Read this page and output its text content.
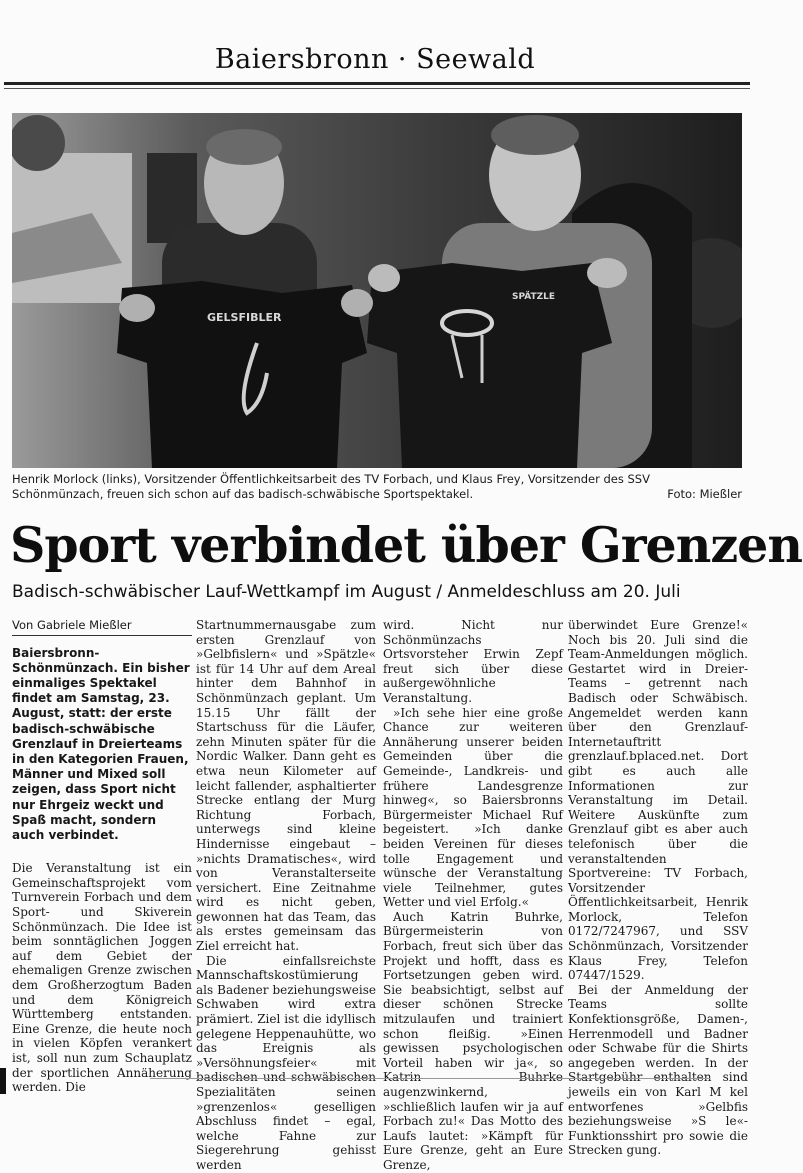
Baiersbronn · Seewald
GELSFIBLER
SPÄTZLE
Henrik Morlock (links), Vorsitzender Öffentlichkeitsarbeit des TV Forbach, und Klaus Frey, Vorsitzender des SSV Schönmünzach, freuen sich schon auf das badisch-schwäbische Sportspektakel.	Foto: Mießler
Sport verbindet über Grenzen
Badisch-schwäbischer Lauf-Wettkampf im August / Anmeldeschluss am 20. Juli

Von Gabriele Mießler

Baiersbronn-Schönmünzach. Ein bisher einmaliges Spektakel findet am Samstag, 23. August, statt: der erste badisch-schwäbische Grenzlauf in Dreierteams in den Kategorien Frauen, Männer und Mixed soll zeigen, dass Sport nicht nur Ehrgeiz weckt und Spaß macht, sondern auch verbindet.

Die Veranstaltung ist ein Gemeinschaftsprojekt vom Turnverein Forbach und dem Sport- und Skiverein Schönmünzach. Die Idee ist beim sonntäglichen Joggen auf dem Gebiet der ehemaligen Grenze zwischen dem Großherzogtum Baden und dem Königreich Württemberg entstanden. Eine Grenze, die heute noch in vielen Köpfen verankert ist, soll nun zum Schauplatz der sportlichen Annäherung werden. Die

Startnummernausgabe zum ersten Grenzlauf von »Gelbfislern« und »Spätzle« ist für 14 Uhr auf dem Areal hinter dem Bahnhof in Schönmünzach geplant. Um 15.15 Uhr fällt der Startschuss für die Läufer, zehn Minuten später für die Nordic Walker. Dann geht es etwa neun Kilometer auf leicht fallender, asphaltierter Strecke entlang der Murg Richtung Forbach, unterwegs sind kleine Hindernisse eingebaut – »nichts Dramatisches«, wird von Veranstalterseite versichert. Eine Zeitnahme wird es nicht geben, gewonnen hat das Team, das als erstes gemeinsam das Ziel erreicht hat.

Die einfallsreichste Mannschaftskostümierung als Badener beziehungsweise Schwaben wird extra prämiert. Ziel ist die idyllisch gelegene Heppenauhütte, wo das Ereignis als »Versöhnungsfeier« mit badischen und schwäbischen Spezialitäten seinen »grenzenlos« geselligen Abschluss findet – egal, welche Fahne zur Siegerehrung gehisst werden

wird. Nicht nur Schönmünzachs Ortsvorsteher Erwin Zepf freut sich über diese außergewöhnliche Veranstaltung.

»Ich sehe hier eine große Chance zur weiteren Annäherung unserer beiden Gemeinden über die Gemeinde-, Landkreis- und frühere Landesgrenze hinweg«, so Baiersbronns Bürgermeister Michael Ruf begeistert. »Ich danke beiden Vereinen für dieses tolle Engagement und wünsche der Veranstaltung viele Teilnehmer, gutes Wetter und viel Erfolg.«

Auch Katrin Buhrke, Bürgermeisterin von Forbach, freut sich über das Projekt und hofft, dass es Fortsetzungen geben wird. Sie beabsichtigt, selbst auf dieser schönen Strecke mitzulaufen und trainiert schon fleißig. »Einen gewissen psychologischen Vorteil haben wir ja«, so Katrin Buhrke augenzwinkernd, »schließlich laufen wir ja auf Forbach zu!« Das Motto des Laufs lautet: »Kämpft für Eure Grenze, geht an Eure Grenze,

überwindet Eure Grenze!« Noch bis 20. Juli sind die Team-Anmeldungen möglich. Gestartet wird in Dreier-Teams – getrennt nach Badisch oder Schwäbisch. Angemeldet werden kann über den Grenzlauf-Internetauftritt grenzlauf.bplaced.net. Dort gibt es auch alle Informationen zur Veranstaltung im Detail. Weitere Auskünfte zum Grenzlauf gibt es aber auch telefonisch über die veranstaltenden Sportvereine: TV Forbach, Vorsitzender Öffentlichkeitsarbeit, Henrik Morlock, Telefon 0172/7247967, und SSV Schönmünzach, Vorsitzender Klaus Frey, Telefon 07447/1529.

Bei der Anmeldung der Teams sollte Konfektionsgröße, Damen-, Herrenmodell und Badner oder Schwabe für die Shirts angegeben werden. In der Startgebühr enthalten sind jeweils ein von Karl M kel entworfenes »Gelbfis beziehungsweise »S le«-Funktionsshirt pro sowie die Strecken gung.
